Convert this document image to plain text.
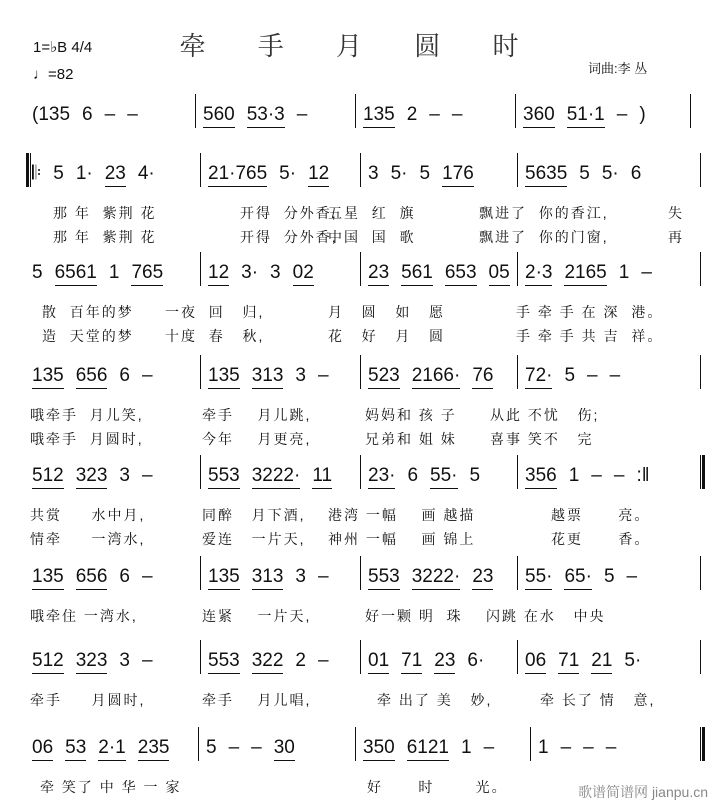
牵 手 月 圆 时
1=♭B 4/4
♩=82	词曲:李 丛
(135 6 – –	560 53·3 –	135 2 – –	360 51·1 – )
𝄆 5 1· 23 4·	21·765 5· 12 3 5· 5 176	5635 5 5· 6
那 年  紫荆 花	开得  分外香,
五星  红  旗	飘进了  你的香江,	失
那 年  紫荆 花	开得  分外香,
中国  国  歌	飘进了  你的门窗,	再
5 6561 1 765 12 3· 3 02	23 561 653 05 2·3 2165 1 –
散  百年的梦 一夜  回   归,	月   圆   如   愿	手 牵 手 在 深  港。
造  天堂的梦 十度  春   秋,	花   好   月   圆	手 牵 手 共 吉  祥。
135 656 6 –	135 313 3 – 523 2166· 76 72· 5 – –
哦牵手  月儿笑,	牵手    月儿跳,	妈妈和 孩 子 从此 不忧   伤;
哦牵手  月圆时,	今年    月更亮,	兄弟和 姐 妹 喜事 笑不   完
512 323 3 –	553 3222· 11 23· 6 55· 5 356 1 – – :‖
共赏     水中月,	同醉   月下酒, 港湾 一幅    画 越描	越票      亮。
情牵     一湾水,	爱连   一片天, 神州 一幅    画 锦上	花更      香。
135 656 6 –	135 313 3 – 553 3222· 23 55· 65· 5 –
哦牵住 一湾水,	连紧    一片天,	好一颗 明  珠 闪跳 在水   中央
512 323 3 –	553 322 2 – 01 71 23 6· 06 71 21 5·
牵手     月圆时,	牵手    月儿唱,	牵 出了 美   妙,	牵 长了 情   意,
06 53 2·1 235 5 – – 30	350 6121 1 – 1 – – –
牵 笑了 中 华 一 家	好      时       光。	歌谱简谱网 jianpu.cn
